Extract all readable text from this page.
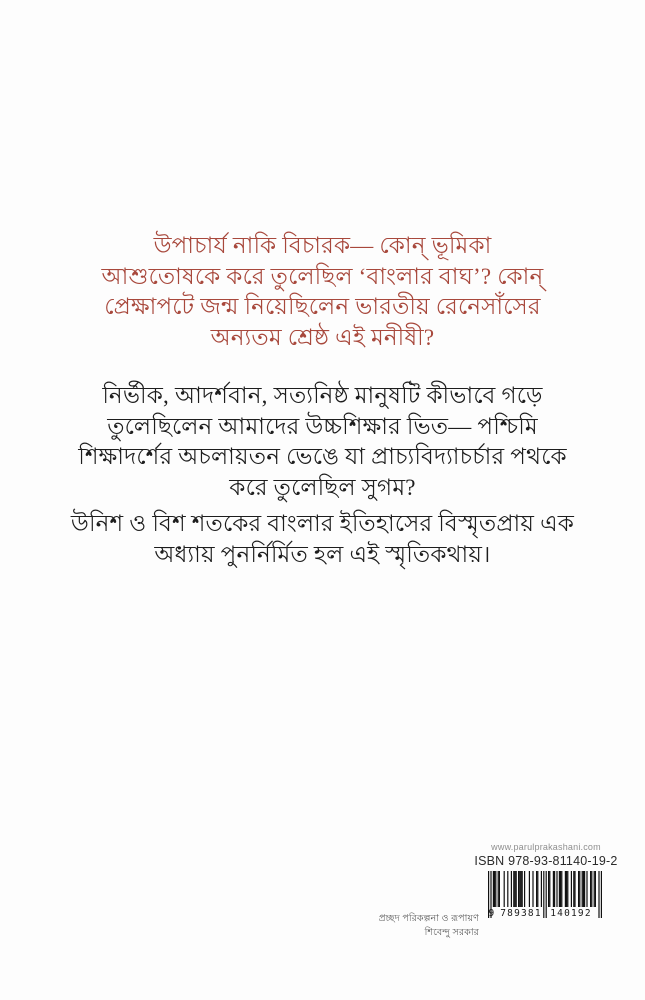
উপাচার্য নাকি বিচারক— কোন্ ভূমিকা
আশুতোষকে করে তুলেছিল ‘বাংলার বাঘ’? কোন্
প্রেক্ষাপটে জন্ম নিয়েছিলেন ভারতীয় রেনেসাঁসের
অন্যতম শ্রেষ্ঠ এই মনীষী?
নির্ভীক, আদর্শবান, সত্যনিষ্ঠ মানুষটি কীভাবে গড়ে
তুলেছিলেন আমাদের উচ্চশিক্ষার ভিত— পশ্চিমি
শিক্ষাদর্শের অচলায়তন ভেঙে যা প্রাচ্যবিদ্যাচর্চার পথকে
করে তুলেছিল সুগম?
উনিশ ও বিশ শতকের বাংলার ইতিহাসের বিস্মৃতপ্রায় এক
অধ্যায় পুনর্নির্মিত হল এই স্মৃতিকথায়।
www.parulprakashani.com
ISBN 978-93-81140-19-2
9 789381 140192
প্রচ্ছদ পরিকল্পনা ও রূপায়ণ
শিবেন্দু সরকার
